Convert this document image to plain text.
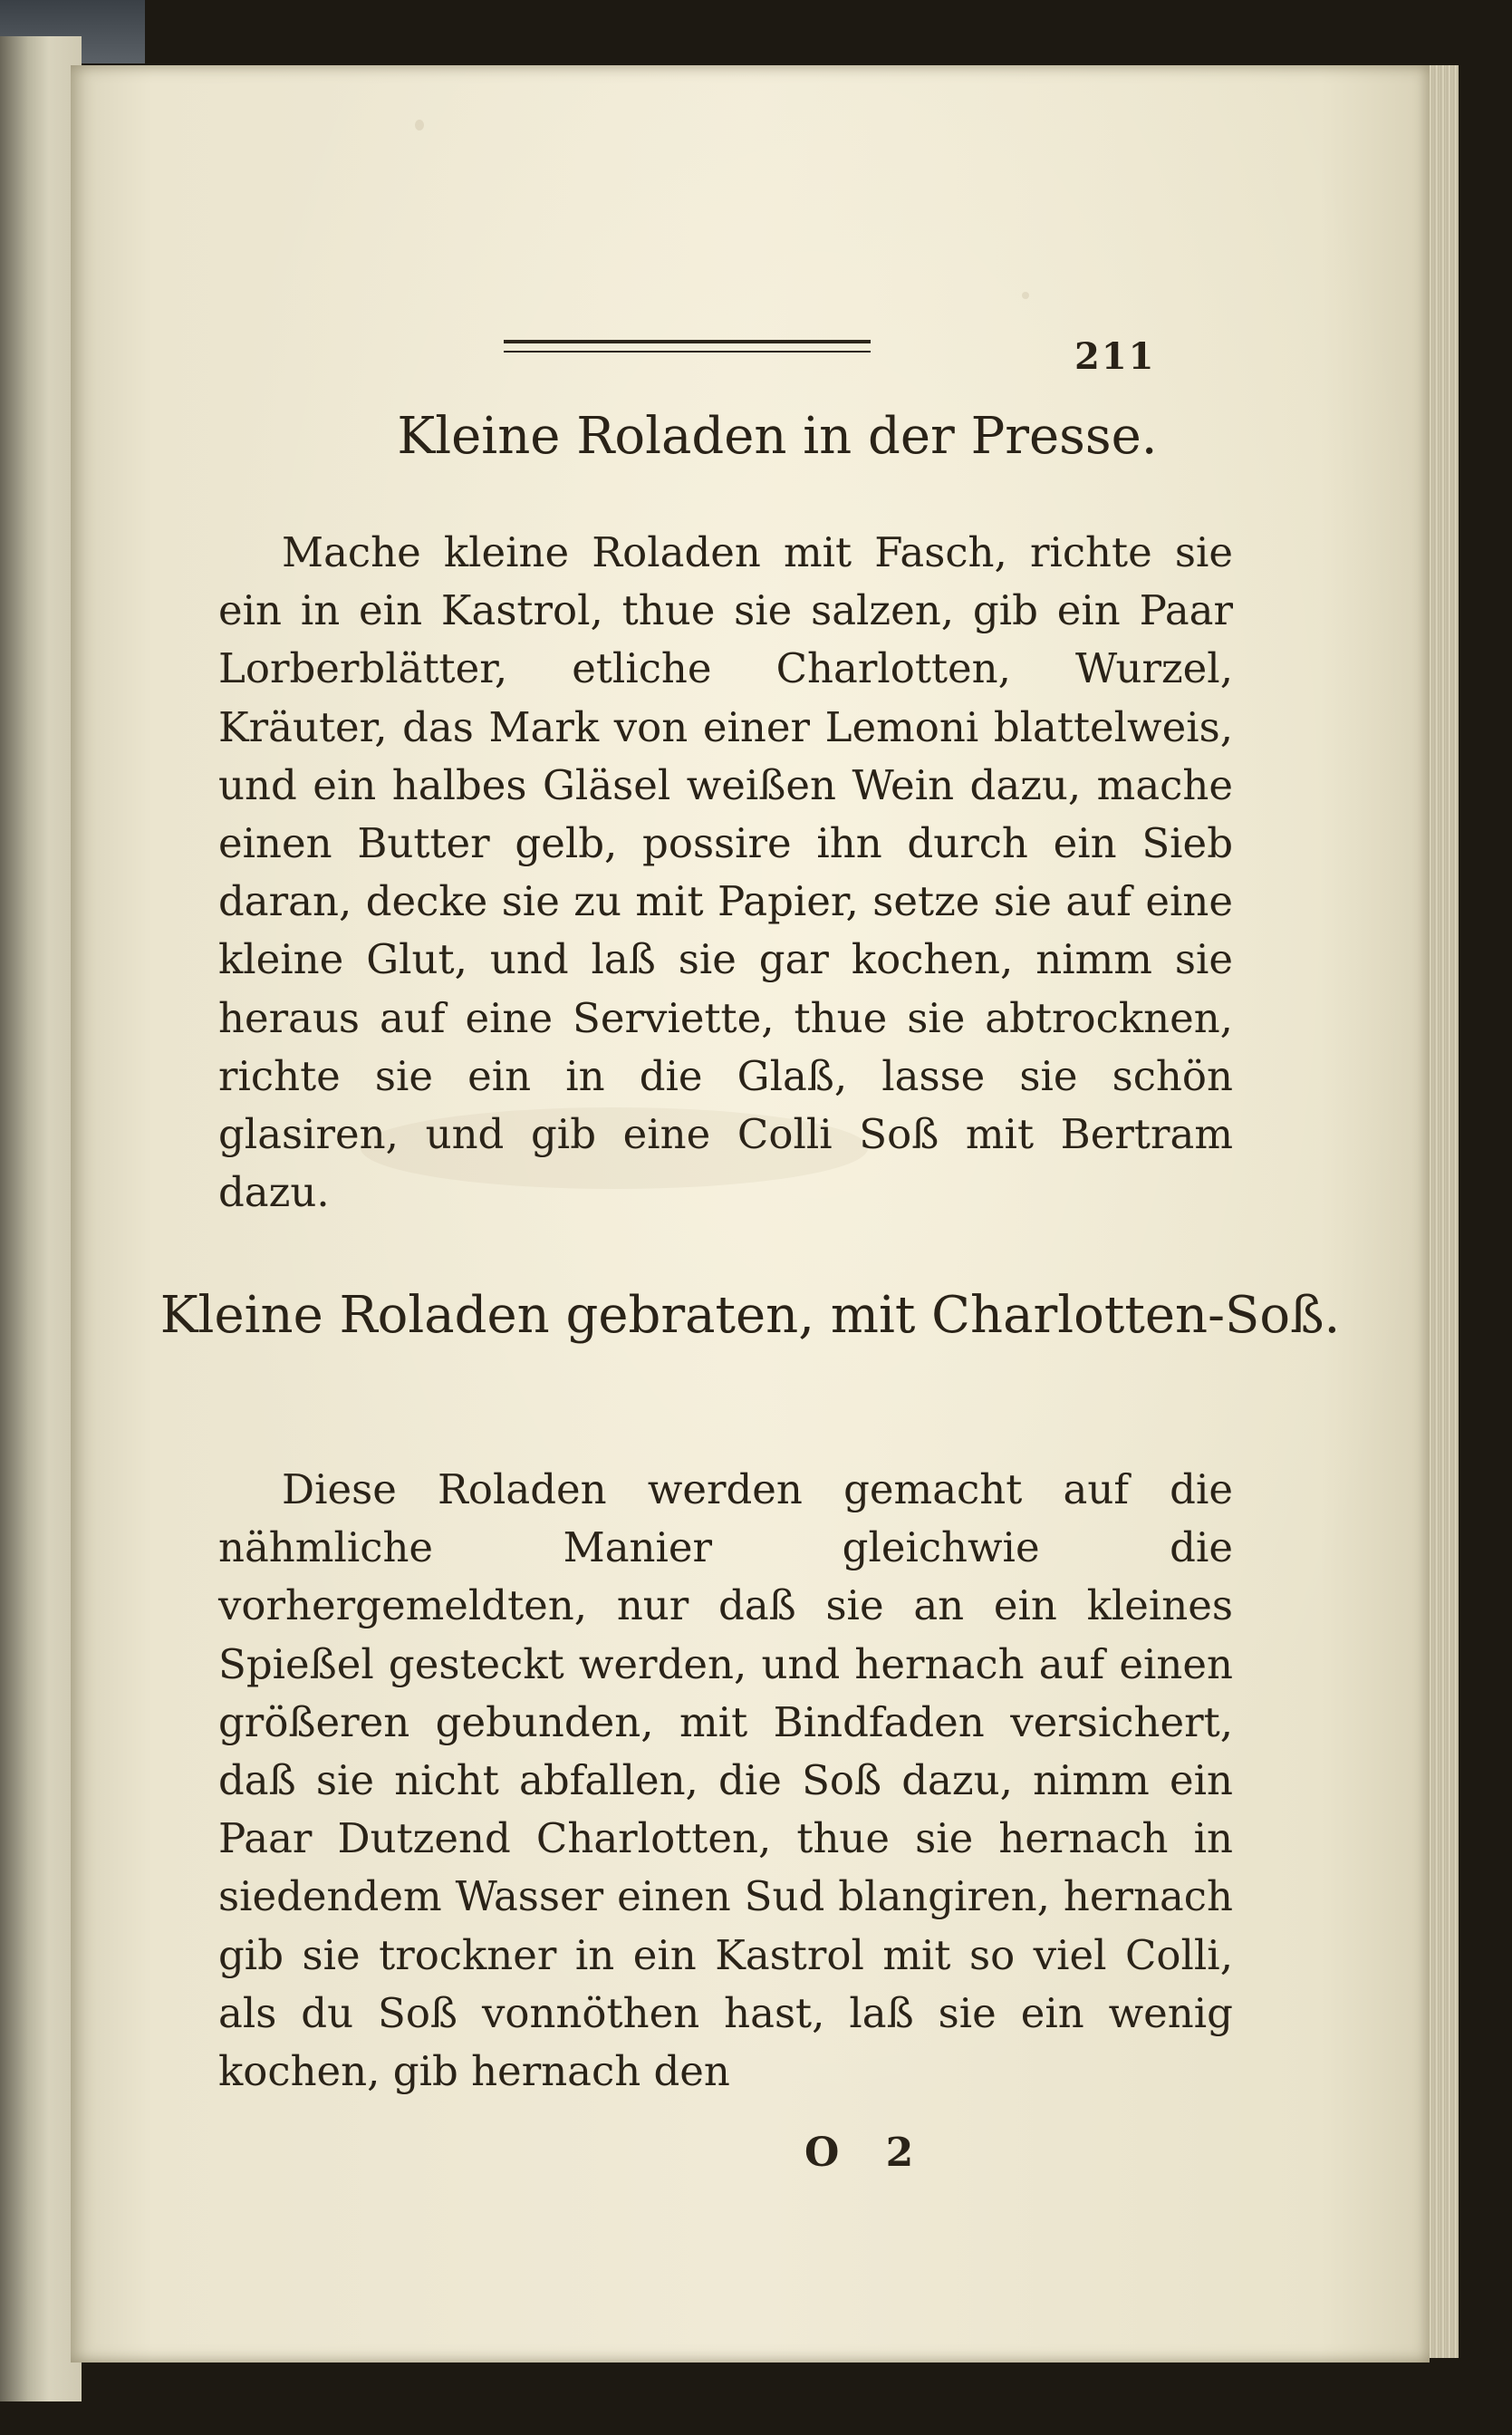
211
Kleine Roladen in der Presse.

Mache kleine Roladen mit Fasch, richte sie ein in ein Kastrol, thue sie salzen, gib ein Paar Lorberblätter, etliche Charlotten, Wurzel, Kräuter, das Mark von einer Lemoni blattelweis, und ein halbes Gläsel weißen Wein dazu, mache einen Butter gelb, possire ihn durch ein Sieb daran, decke sie zu mit Papier, setze sie auf eine kleine Glut, und laß sie gar kochen, nimm sie heraus auf eine Serviette, thue sie abtrocknen, richte sie ein in die Glaß, lasse sie schön glasiren, und gib eine Colli Soß mit Bertram dazu.

Kleine Roladen gebraten, mit Charlotten-Soß.

Diese Roladen werden gemacht auf die nähmliche Manier gleichwie die vorhergemeldten, nur daß sie an ein kleines Spießel gesteckt werden, und hernach auf einen größeren gebunden, mit Bindfaden versichert, daß sie nicht abfallen, die Soß dazu, nimm ein Paar Dutzend Charlotten, thue sie hernach in siedendem Wasser einen Sud blangiren, hernach gib sie trockner in ein Kastrol mit so viel Colli, als du Soß vonnöthen hast, laß sie ein wenig kochen, gib hernach den

O 2
